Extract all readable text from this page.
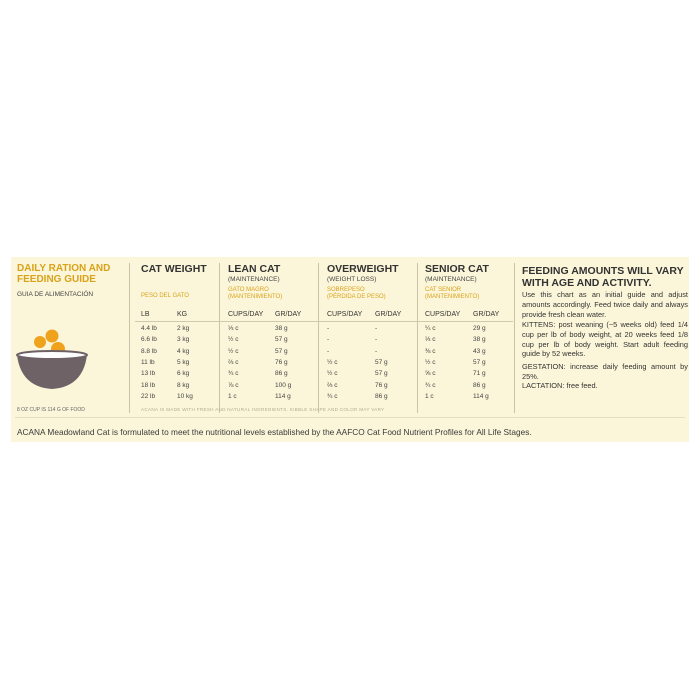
DAILY RATION AND FEEDING GUIDE
GUIA DE ALIMENTACIÓN
8 OZ CUP IS 114 G OF FOOD
CAT WEIGHT
PESO DEL GATO
LEAN CAT
(MAINTENANCE)
GATO MAGRO
(MANTENIMIENTO)
OVERWEIGHT
(WEIGHT LOSS)
SOBREPESO
(PÉRDIDA DE PESO)
SENIOR CAT
(MAINTENANCE)
CAT SENIOR
(MANTENIMIENTO)
LB	KG	CUPS/DAY GR/DAY	CUPS/DAY GR/DAY	CUPS/DAY GR/DAY
4.4 lb	2 kg	⅓ c	38 g	-	-	¼ c	29 g
6.6 lb	3 kg	½ c	57 g	-	-	⅓ c	38 g
8.8 lb	4 kg	½ c	57 g	-	-	⅜ c	43 g
11 lb	5 kg	⅔ c	76 g	½ c	57 g	½ c	57 g
13 lb	6 kg	¾ c	86 g	½ c	57 g	⅝ c	71 g
18 lb	8 kg	⅞ c	100 g	⅔ c	76 g	¾ c	86 g
22 lb	10 kg	1 c	114 g	¾ c	86 g	1 c	114 g
ACANA IS MADE WITH FRESH AND NATURAL INGREDIENTS. KIBBLE SHAPE AND COLOR MAY VARY
FEEDING AMOUNTS WILL VARY WITH AGE AND ACTIVITY.
Use this chart as an initial guide and adjust amounts accordingly. Feed twice daily and always provide fresh clean water.
KITTENS: post weaning (~5 weeks old) feed 1/4 cup per lb of body weight, at 20 weeks feed 1/8 cup per lb of body weight. Start adult feeding guide by 52 weeks.
GESTATION: increase daily feeding amount by 25%.
LACTATION: free feed.
ACANA Meadowland Cat is formulated to meet the nutritional levels established by the AAFCO Cat Food Nutrient Profiles for All Life Stages.
